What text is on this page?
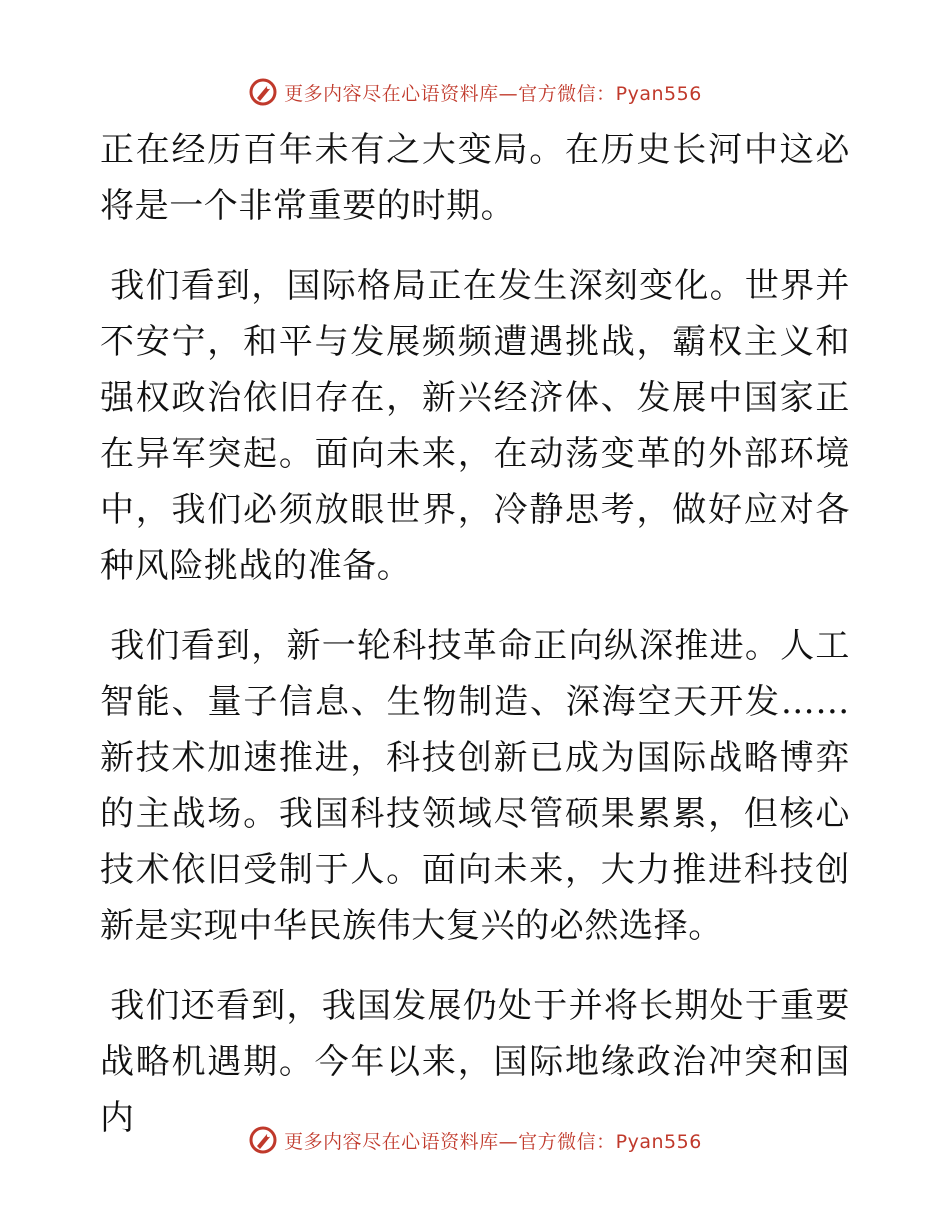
更多内容尽在心语资料库—官方微信：Pyan556

正在经历百年未有之大变局。在历史长河中这必将是一个非常重要的时期。

我们看到，国际格局正在发生深刻变化。世界并不安宁，和平与发展频频遭遇挑战，霸权主义和强权政治依旧存在，新兴经济体、发展中国家正在异军突起。面向未来，在动荡变革的外部环境中，我们必须放眼世界，冷静思考，做好应对各种风险挑战的准备。

我们看到，新一轮科技革命正向纵深推进。人工智能、量子信息、生物制造、深海空天开发……新技术加速推进，科技创新已成为国际战略博弈的主战场。我国科技领域尽管硕果累累，但核心技术依旧受制于人。面向未来，大力推进科技创新是实现中华民族伟大复兴的必然选择。

我们还看到，我国发展仍处于并将长期处于重要战略机遇期。今年以来，国际地缘政治冲突和国内

更多内容尽在心语资料库—官方微信：Pyan556
